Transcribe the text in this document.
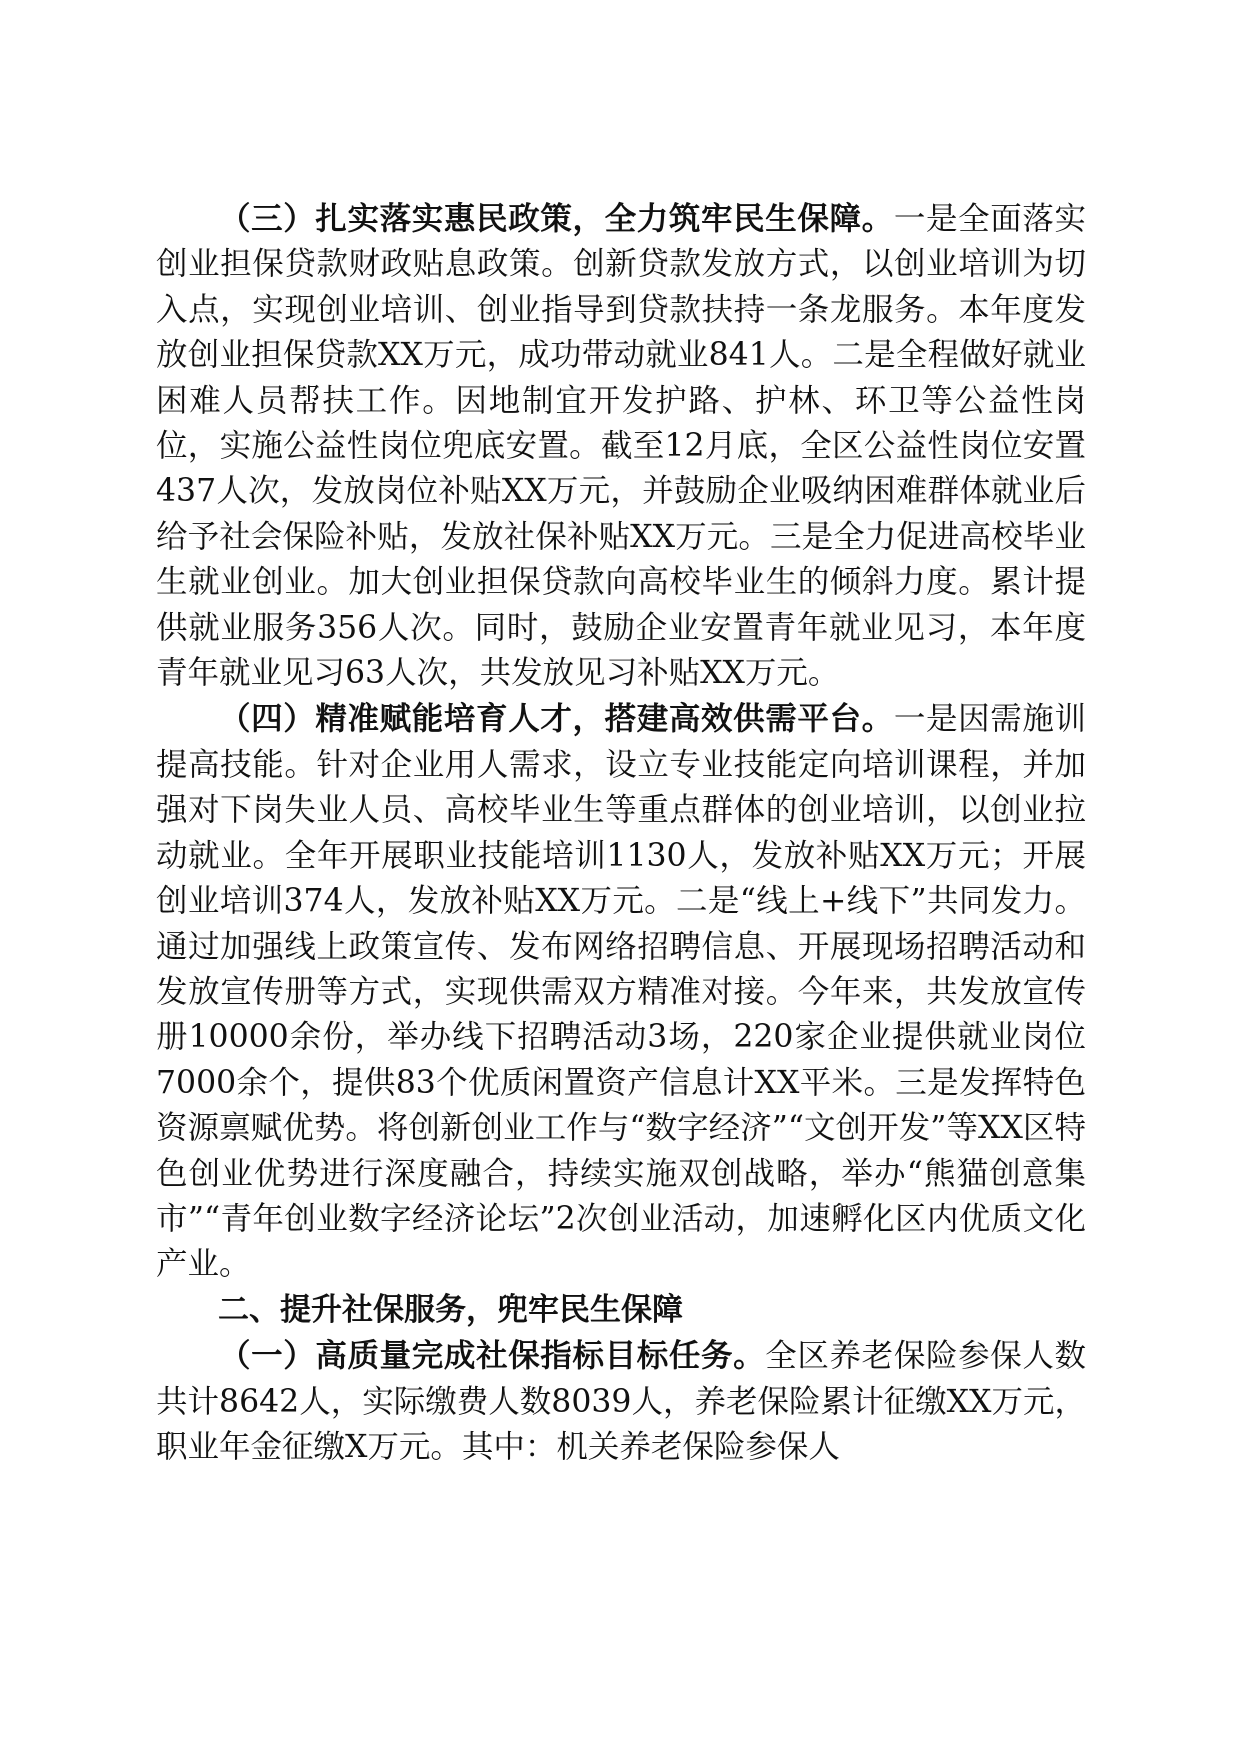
（三）扎实落实惠民政策，全力筑牢民生保障。一是全面落实创业担保贷款财政贴息政策。创新贷款发放方式，以创业培训为切入点，实现创业培训、创业指导到贷款扶持一条龙服务。本年度发放创业担保贷款XX万元，成功带动就业841人。二是全程做好就业困难人员帮扶工作。因地制宜开发护路、护林、环卫等公益性岗位，实施公益性岗位兜底安置。截至12月底，全区公益性岗位安置437人次，发放岗位补贴XX万元，并鼓励企业吸纳困难群体就业后给予社会保险补贴，发放社保补贴XX万元。三是全力促进高校毕业生就业创业。加大创业担保贷款向高校毕业生的倾斜力度。累计提供就业服务356人次。同时，鼓励企业安置青年就业见习，本年度青年就业见习63人次，共发放见习补贴XX万元。

（四）精准赋能培育人才，搭建高效供需平台。一是因需施训提高技能。针对企业用人需求，设立专业技能定向培训课程，并加强对下岗失业人员、高校毕业生等重点群体的创业培训，以创业拉动就业。全年开展职业技能培训1130人，发放补贴XX万元；开展创业培训374人，发放补贴XX万元。二是“线上+线下”共同发力。通过加强线上政策宣传、发布网络招聘信息、开展现场招聘活动和发放宣传册等方式，实现供需双方精准对接。今年来，共发放宣传册10000余份，举办线下招聘活动3场，220家企业提供就业岗位7000余个，提供83个优质闲置资产信息计XX平米。三是发挥特色资源禀赋优势。将创新创业工作与“数字经济”“文创开发”等XX区特色创业优势进行深度融合，持续实施双创战略，举办“熊猫创意集市”“青年创业数字经济论坛”2次创业活动，加速孵化区内优质文化产业。

二、提升社保服务，兜牢民生保障

（一）高质量完成社保指标目标任务。全区养老保险参保人数共计8642人，实际缴费人数8039人，养老保险累计征缴XX万元，职业年金征缴X万元。其中：机关养老保险参保人
